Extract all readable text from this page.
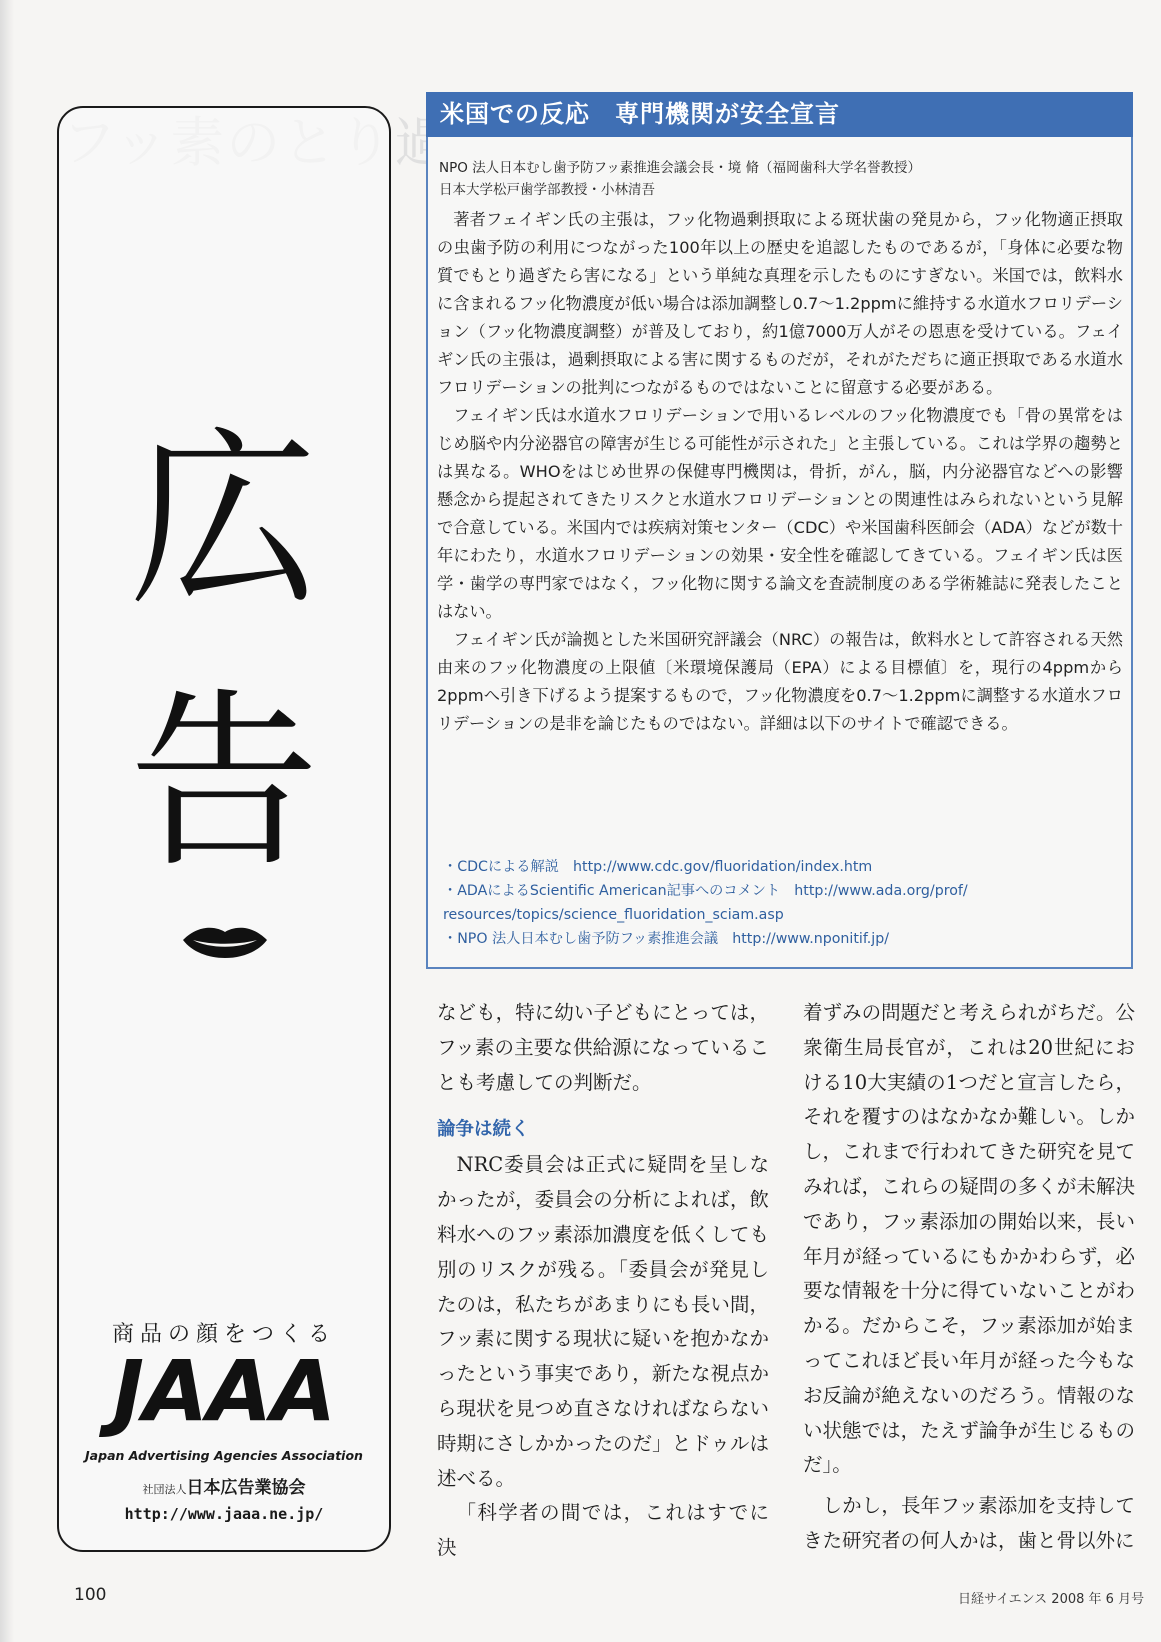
広
告
商品の顔をつくる
JAAA
Japan Advertising Agencies Association
社団法人日本広告業協会
http://www.jaaa.ne.jp/
米国での反応　専門機関が安全宣言
NPO 法人日本むし歯予防フッ素推進会議会長・境 脩（福岡歯科大学名誉教授）
日本大学松戸歯学部教授・小林清吾

著者フェイギン氏の主張は，フッ化物過剰摂取による斑状歯の発見から，フッ化物適正摂取の虫歯予防の利用につながった100年以上の歴史を追認したものであるが，「身体に必要な物質でもとり過ぎたら害になる」という単純な真理を示したものにすぎない。米国では，飲料水に含まれるフッ化物濃度が低い場合は添加調整し0.7〜1.2ppmに維持する水道水フロリデーション（フッ化物濃度調整）が普及しており，約1億7000万人がその恩恵を受けている。フェイギン氏の主張は，過剰摂取による害に関するものだが，それがただちに適正摂取である水道水フロリデーションの批判につながるものではないことに留意する必要がある。

フェイギン氏は水道水フロリデーションで用いるレベルのフッ化物濃度でも「骨の異常をはじめ脳や内分泌器官の障害が生じる可能性が示された」と主張している。これは学界の趨勢とは異なる。WHOをはじめ世界の保健専門機関は，骨折，がん，脳，内分泌器官などへの影響懸念から提起されてきたリスクと水道水フロリデーションとの関連性はみられないという見解で合意している。米国内では疾病対策センター（CDC）や米国歯科医師会（ADA）などが数十年にわたり，水道水フロリデーションの効果・安全性を確認してきている。フェイギン氏は医学・歯学の専門家ではなく，フッ化物に関する論文を査読制度のある学術雑誌に発表したことはない。

フェイギン氏が論拠とした米国研究評議会（NRC）の報告は，飲料水として許容される天然由来のフッ化物濃度の上限値〔米環境保護局（EPA）による目標値〕を，現行の4ppmから2ppmへ引き下げるよう提案するもので，フッ化物濃度を0.7〜1.2ppmに調整する水道水フロリデーションの是非を論じたものではない。詳細は以下のサイトで確認できる。

・CDCによる解説　http://www.cdc.gov/fluoridation/index.htm
・ADAによるScientific American記事へのコメント　http://www.ada.org/prof/
resources/topics/science_fluoridation_sciam.asp
・NPO 法人日本むし歯予防フッ素推進会議　http://www.nponitif.jp/

なども，特に幼い子どもにとっては，フッ素の主要な供給源になっていることも考慮しての判断だ。

論争は続く

NRC委員会は正式に疑問を呈しなかったが，委員会の分析によれば，飲料水へのフッ素添加濃度を低くしても別のリスクが残る。「委員会が発見したのは，私たちがあまりにも長い間，フッ素に関する現状に疑いを抱かなかったという事実であり，新たな視点から現状を見つめ直さなければならない時期にさしかかったのだ」とドゥルは述べる。

「科学者の間では，これはすでに決

着ずみの問題だと考えられがちだ。公衆衛生局長官が，これは20世紀における10大実績の1つだと宣言したら，それを覆すのはなかなか難しい。しかし，これまで行われてきた研究を見てみれば，これらの疑問の多くが未解決であり，フッ素添加の開始以来，長い年月が経っているにもかかわらず，必要な情報を十分に得ていないことがわかる。だからこそ，フッ素添加が始まってこれほど長い年月が経った今もなお反論が絶えないのだろう。情報のない状態では，たえず論争が生じるものだ」。

しかし，長年フッ素添加を支持してきた研究者の何人かは，歯と骨以外に

100	日経サイエンス 2008 年 6 月号
